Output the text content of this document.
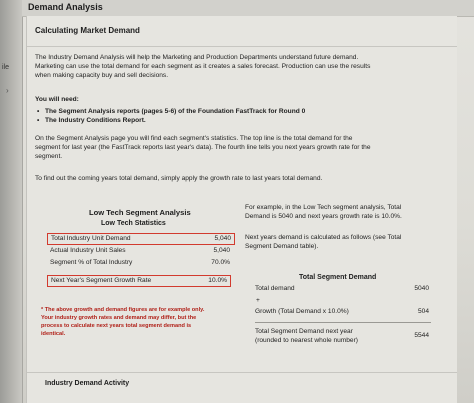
ile
›
Demand Analysis
Calculating Market Demand
The Industry Demand Analysis will help the Marketing and Production Departments understand future demand.
Marketing can use the total demand for each segment as it creates a sales forecast. Production can use the results
when making capacity buy and sell decisions.
You will need:
• The Segment Analysis reports (pages 5-6) of the Foundation FastTrack for Round 0
• The Industry Conditions Report.
On the Segment Analysis page you will find each segment's statistics. The top line is the total demand for the
segment for last year (the FastTrack reports last year's data). The fourth line tells you next years growth rate for the
segment.
To find out the coming years total demand, simply apply the growth rate to last years total demand.
Low Tech Segment Analysis
Low Tech Statistics
Total Industry Unit Demand	5,040
Actual Industry Unit Sales	5,040
Segment % of Total Industry	70.0%
Next Year's Segment Growth Rate	10.0%
For example, in the Low Tech segment analysis, Total
Demand is 5040 and next years growth rate is 10.0%.
Next years demand is calculated as follows (see Total
Segment Demand table).
* The above growth and demand figures are for example only.
Your industry growth rates and demand may differ, but the
process to calculate next years total segment demand is
identical.
Total Segment Demand
Total demand	5040
+
Growth (Total Demand x 10.0%)	504
Total Segment Demand next year
(rounded to nearest whole number)
5544
Industry Demand Activity
